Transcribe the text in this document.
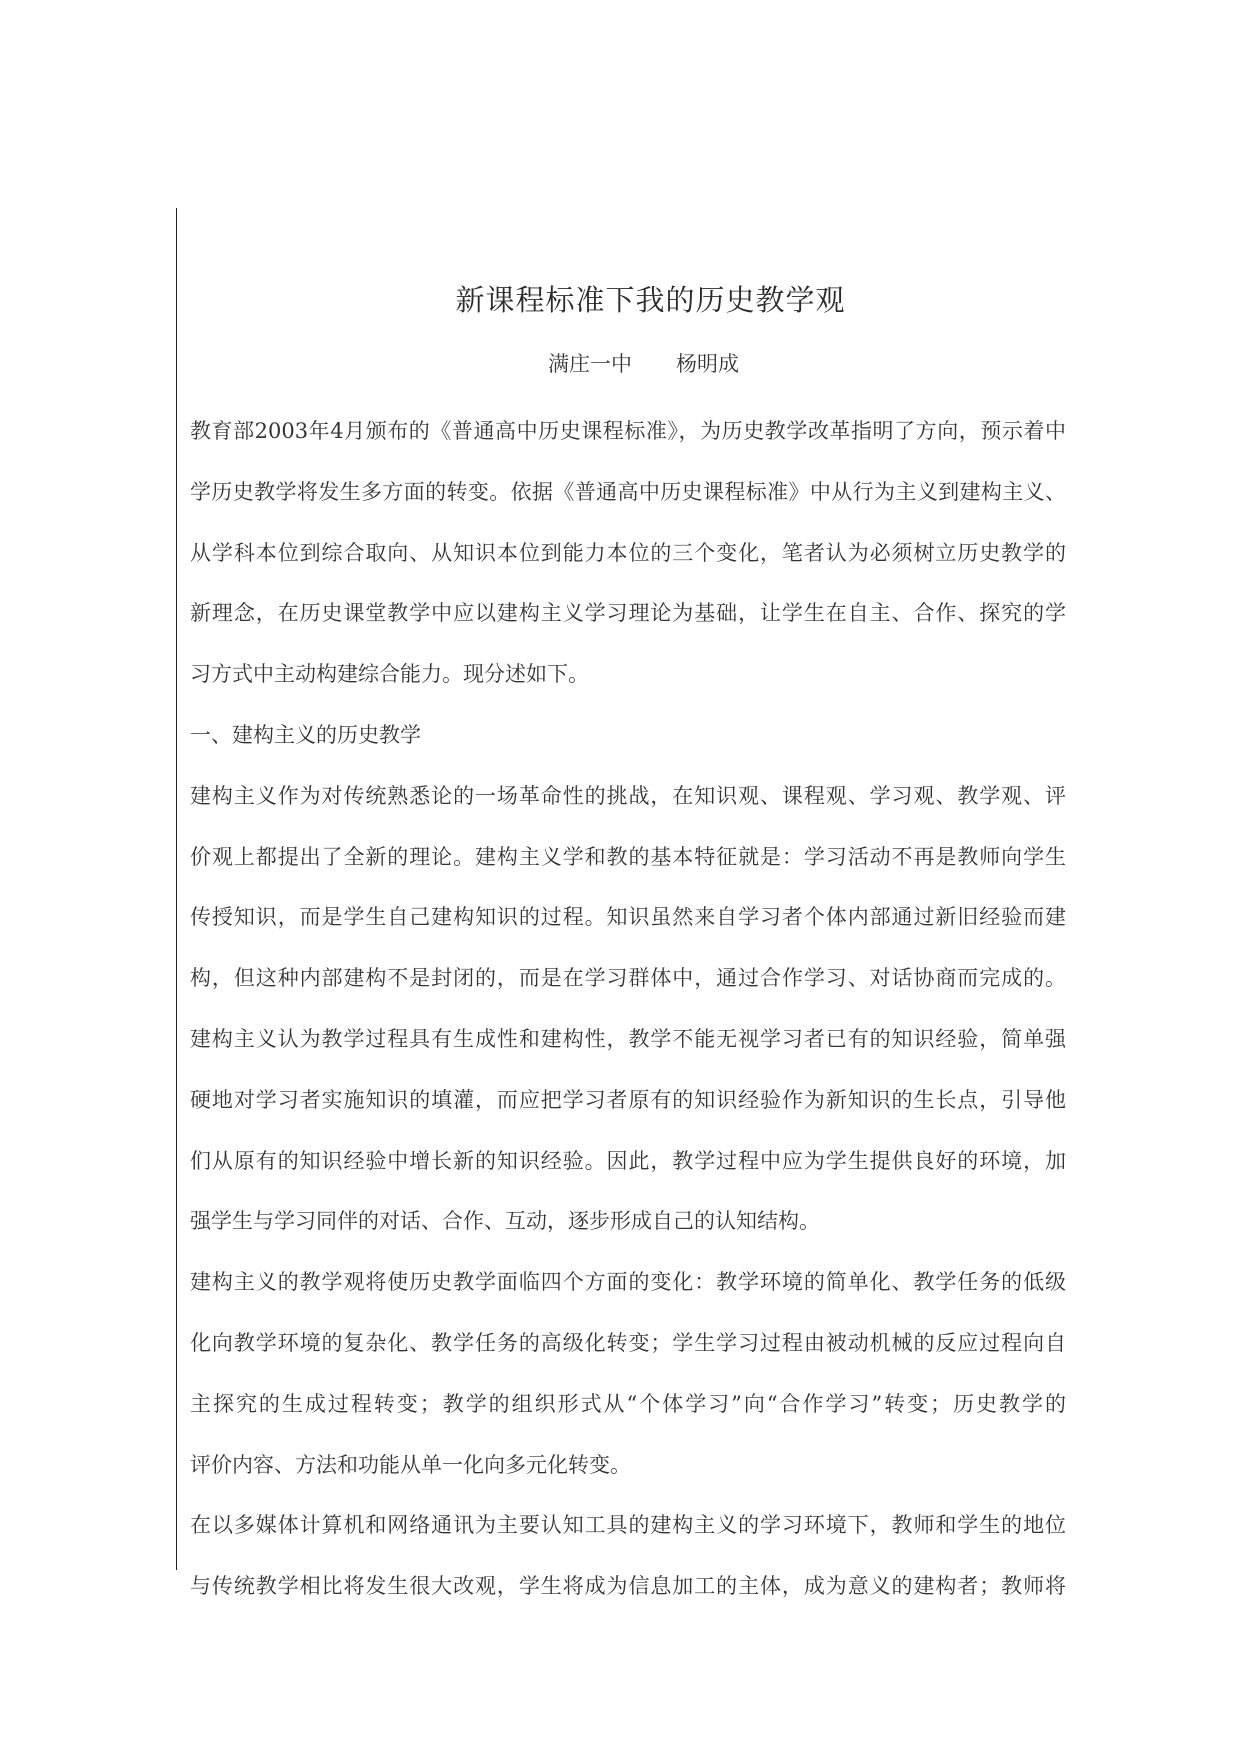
新课程标准下我的历史教学观
满庄一中 杨明成
教育部2003年4月颁布的《普通高中历史课程标准》，为历史教学改革指明了方向，预示着中
学历史教学将发生多方面的转变。依据《普通高中历史课程标准》中从行为主义到建构主义、
从学科本位到综合取向、从知识本位到能力本位的三个变化，笔者认为必须树立历史教学的
新理念，在历史课堂教学中应以建构主义学习理论为基础，让学生在自主、合作、探究的学
习方式中主动构建综合能力。现分述如下。
一、建构主义的历史教学
建构主义作为对传统熟悉论的一场革命性的挑战，在知识观、课程观、学习观、教学观、评
价观上都提出了全新的理论。建构主义学和教的基本特征就是：学习活动不再是教师向学生
传授知识，而是学生自己建构知识的过程。知识虽然来自学习者个体内部通过新旧经验而建
构，但这种内部建构不是封闭的，而是在学习群体中，通过合作学习、对话协商而完成的。
建构主义认为教学过程具有生成性和建构性，教学不能无视学习者已有的知识经验，简单强
硬地对学习者实施知识的填灌，而应把学习者原有的知识经验作为新知识的生长点，引导他
们从原有的知识经验中增长新的知识经验。因此，教学过程中应为学生提供良好的环境，加
强学生与学习同伴的对话、合作、互动，逐步形成自己的认知结构。
建构主义的教学观将使历史教学面临四个方面的变化：教学环境的简单化、教学任务的低级
化向教学环境的复杂化、教学任务的高级化转变；学生学习过程由被动机械的反应过程向自
主探究的生成过程转变；教学的组织形式从“个体学习”向“合作学习”转变；历史教学的
评价内容、方法和功能从单一化向多元化转变。
在以多媒体计算机和网络通讯为主要认知工具的建构主义的学习环境下，教师和学生的地位
与传统教学相比将发生很大改观，学生将成为信息加工的主体，成为意义的建构者；教师将
